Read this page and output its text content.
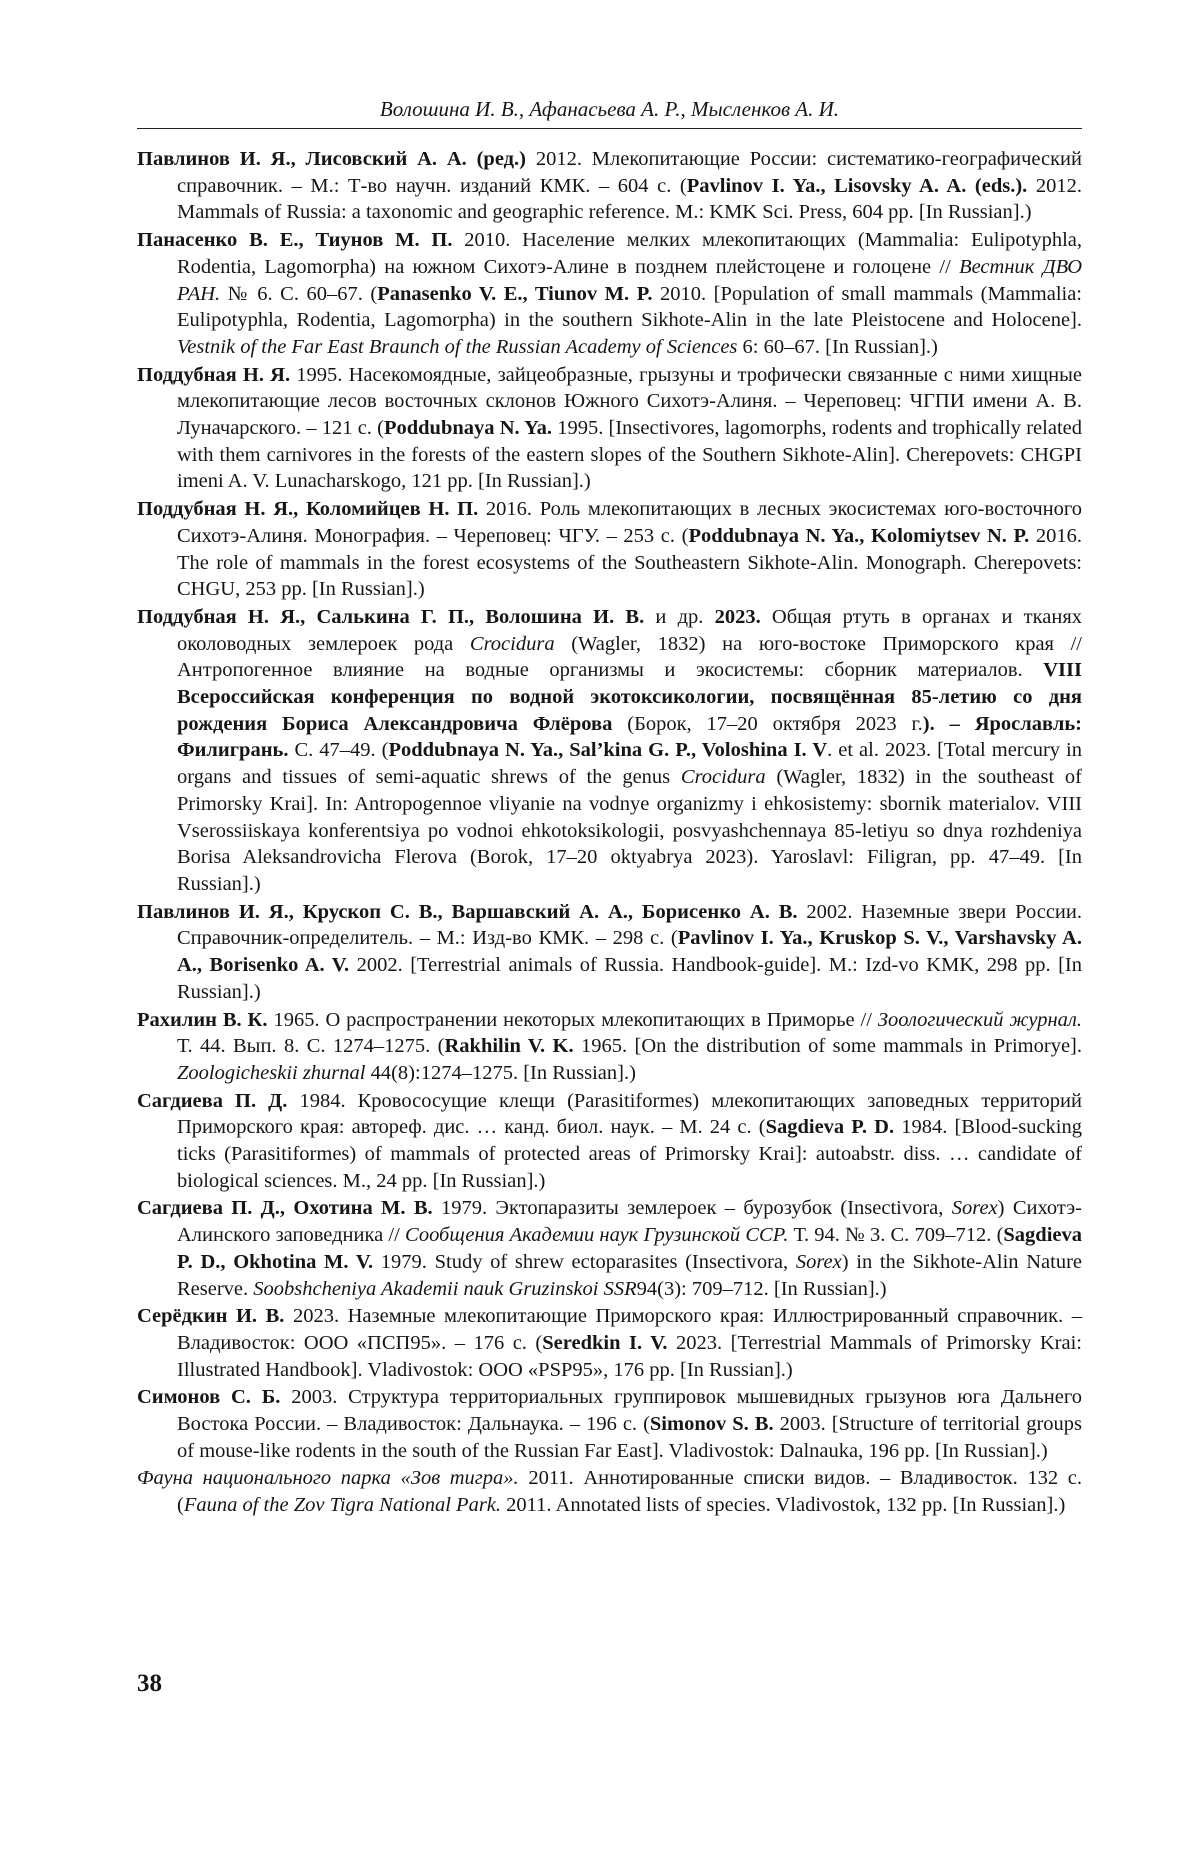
Волошина И. В., Афанасьева А. Р., Мысленков А. И.

Павлинов И. Я., Лисовский А. А. (ред.) 2012. Млекопитающие России: систематико-географический справочник. – М.: Т-во научн. изданий КМК. – 604 с. (Pavlinov I. Ya., Lisovsky A. A. (eds.). 2012. Mammals of Russia: a taxonomic and geographic reference. M.: KMK Sci. Press, 604 pp. [In Russian].)

Панасенко В. Е., Тиунов М. П. 2010. Население мелких млекопитающих (Mammalia: Eulipotyphla, Rodentia, Lagomorpha) на южном Сихотэ-Алине в позднем плейстоцене и голоцене // Вестник ДВО РАН. № 6. С. 60–67. (Panasenko V. E., Tiunov M. P. 2010. [Population of small mammals (Mammalia: Eulipotyphla, Rodentia, Lagomorpha) in the southern Sikhote-Alin in the late Pleistocene and Holocene]. Vestnik of the Far East Braunch of the Russian Academy of Sciences 6: 60–67. [In Russian].)

Поддубная Н. Я. 1995. Насекомоядные, зайцеобразные, грызуны и трофически связанные с ними хищные млекопитающие лесов восточных склонов Южного Сихотэ-Алиня. – Череповец: ЧГПИ имени А. В. Луначарского. – 121 с. (Poddubnaya N. Ya. 1995. [Insectivores, lagomorphs, rodents and trophically related with them carnivores in the forests of the eastern slopes of the Southern Sikhote-Alin]. Cherepovets: CHGPI imeni A. V. Lunacharskogo, 121 pp. [In Russian].)

Поддубная Н. Я., Коломийцев Н. П. 2016. Роль млекопитающих в лесных экосистемах юго-восточного Сихотэ-Алиня. Монография. – Череповец: ЧГУ. – 253 с. (Poddubnaya N. Ya., Kolomiytsev N. P. 2016. The role of mammals in the forest ecosystems of the Southeastern Sikhote-Alin. Monograph. Cherepovets: CHGU, 253 pp. [In Russian].)

Поддубная Н. Я., Салькина Г. П., Волошина И. В. и др. 2023. Общая ртуть в органах и тканях околоводных землероек рода Crocidura (Wagler, 1832) на юго-востоке Приморского края // Антропогенное влияние на водные организмы и экосистемы: сборник материалов. VIII Всероссийская конференция по водной экотоксикологии, посвящённая 85-летию со дня рождения Бориса Александровича Флёрова (Борок, 17–20 октября 2023 г.). – Ярославль: Филигрань. С. 47–49. (Poddubnaya N. Ya., Sal’kina G. P., Voloshina I. V. et al. 2023. [Total mercury in organs and tissues of semi-aquatic shrews of the genus Crocidura (Wagler, 1832) in the southeast of Primorsky Krai]. In: Antropogennoe vliyanie na vodnye organizmy i ehkosistemy: sbornik materialov. VIII Vserossiiskaya konferentsiya po vodnoi ehkotoksikologii, posvyashchennaya 85-letiyu so dnya rozhdeniya Borisa Aleksandrovicha Flerova (Borok, 17–20 oktyabrya 2023). Yaroslavl: Filigran, pp. 47–49. [In Russian].)

Павлинов И. Я., Крускоп С. В., Варшавский А. А., Борисенко А. В. 2002. Наземные звери России. Справочник-определитель. – М.: Изд-во КМК. – 298 с. (Pavlinov I. Ya., Kruskop S. V., Varshavsky A. A., Borisenko A. V. 2002. [Terrestrial animals of Russia. Handbook-guide]. M.: Izd-vo KMK, 298 pp. [In Russian].)

Рахилин В. К. 1965. О распространении некоторых млекопитающих в Приморье // Зоологический журнал. Т. 44. Вып. 8. С. 1274–1275. (Rakhilin V. K. 1965. [On the distribution of some mammals in Primorye]. Zoologicheskii zhurnal 44(8):1274–1275. [In Russian].)

Сагдиева П. Д. 1984. Кровососущие клещи (Parasitiformes) млекопитающих заповедных территорий Приморского края: автореф. дис. … канд. биол. наук. – М. 24 с. (Sagdieva P. D. 1984. [Blood-sucking ticks (Parasitiformes) of mammals of protected areas of Primorsky Krai]: autoabstr. diss. … candidate of biological sciences. M., 24 pp. [In Russian].)

Сагдиева П. Д., Охотина М. В. 1979. Эктопаразиты землероек – бурозубок (Insectivora, Sorex) Сихотэ-Алинского заповедника // Сообщения Академии наук Грузинской ССР. Т. 94. № 3. С. 709–712. (Sagdieva P. D., Okhotina M. V. 1979. Study of shrew ectoparasites (Insectivora, Sorex) in the Sikhote-Alin Nature Reserve. Soobshcheniya Akademii nauk Gruzinskoi SSR94(3): 709–712. [In Russian].)

Серёдкин И. В. 2023. Наземные млекопитающие Приморского края: Иллюстрированный справочник. – Владивосток: ООО «ПСП95». – 176 с. (Seredkin I. V. 2023. [Terrestrial Mammals of Primorsky Krai: Illustrated Handbook]. Vladivostok: OOO «PSP95», 176 pp. [In Russian].)

Симонов С. Б. 2003. Структура территориальных группировок мышевидных грызунов юга Дальнего Востока России. – Владивосток: Дальнаука. – 196 с. (Simonov S. B. 2003. [Structure of territorial groups of mouse-like rodents in the south of the Russian Far East]. Vladivostok: Dalnauka, 196 pp. [In Russian].)

Фауна национального парка «Зов тигра». 2011. Аннотированные списки видов. – Владивосток. 132 с. (Fauna of the Zov Tigra National Park. 2011. Annotated lists of species. Vladivostok, 132 pp. [In Russian].)

38
